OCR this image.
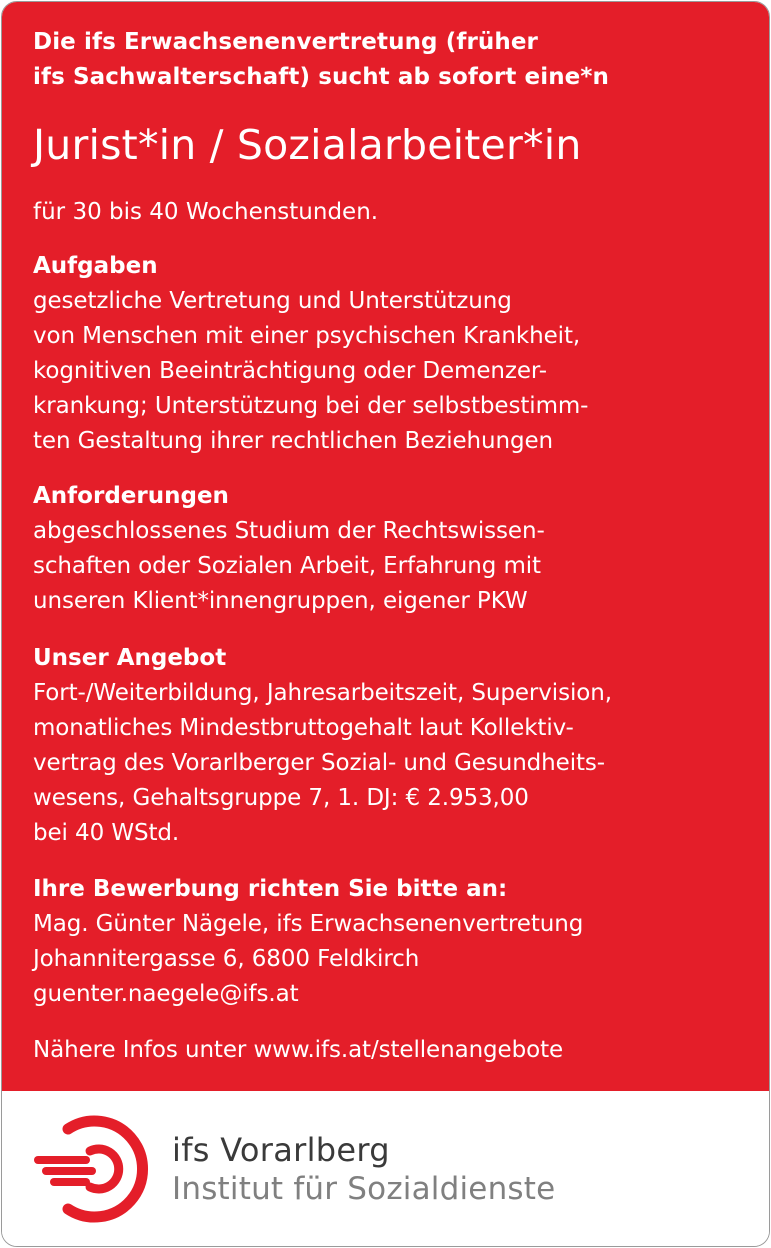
Die ifs Erwachsenenvertretung (früher

ifs Sachwalterschaft) sucht ab sofort eine*n

Jurist*in / Sozialarbeiter*in

für 30 bis 40 Wochenstunden.

Aufgaben

gesetzliche Vertretung und Unterstützung

von Menschen mit einer psychischen Krankheit,

kognitiven Beeinträchtigung oder Demenzer-

krankung; Unterstützung bei der selbstbestimm-

ten Gestaltung ihrer rechtlichen Beziehungen

Anforderungen

abgeschlossenes Studium der Rechtswissen-

schaften oder Sozialen Arbeit, Erfahrung mit

unseren Klient*innengruppen, eigener PKW

Unser Angebot

Fort-/Weiterbildung, Jahresarbeitszeit, Supervision,

monatliches Mindestbruttogehalt laut Kollektiv-

vertrag des Vorarlberger Sozial- und Gesundheits-

wesens, Gehaltsgruppe 7, 1. DJ: € 2.953,00

bei 40 WStd.

Ihre Bewerbung richten Sie bitte an:

Mag. Günter Nägele, ifs Erwachsenenvertretung

Johannitergasse 6, 6800 Feldkirch

guenter.naegele@ifs.at

Nähere Infos unter www.ifs.at/stellenangebote

ifs Vorarlberg
Institut für Sozialdienste
